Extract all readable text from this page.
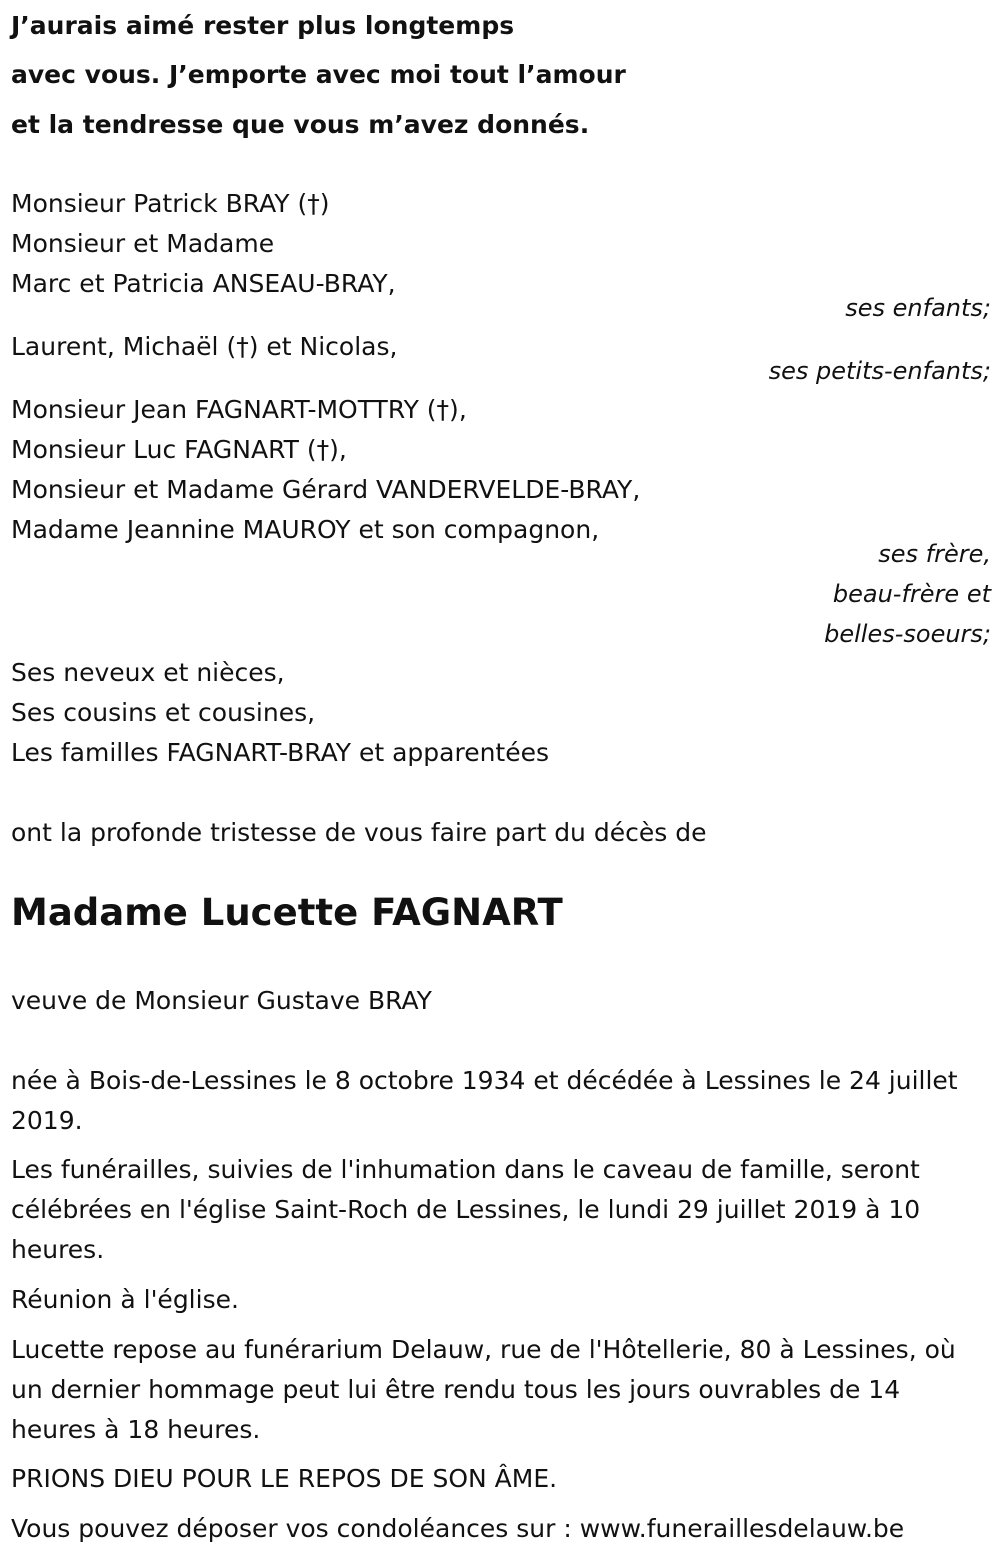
J’aurais aimé rester plus longtemps
avec vous. J’emporte avec moi tout l’amour
et la tendresse que vous m’avez donnés.
Monsieur Patrick BRAY (†)
Monsieur et Madame
Marc et Patricia ANSEAU-BRAY,
ses enfants;
Laurent, Michaël (†) et Nicolas,
ses petits-enfants;
Monsieur Jean FAGNART-MOTTRY (†),
Monsieur Luc FAGNART (†),
Monsieur et Madame Gérard VANDERVELDE-BRAY,
Madame Jeannine MAUROY et son compagnon,
ses frère,
beau-frère et
belles-soeurs;
Ses neveux et nièces,
Ses cousins et cousines,
Les familles FAGNART-BRAY et apparentées
ont la profonde tristesse de vous faire part du décès de
Madame Lucette FAGNART
veuve de Monsieur Gustave BRAY
née à Bois-de-Lessines le 8 octobre 1934 et décédée à Lessines le 24 juillet 2019.
Les funérailles, suivies de l'inhumation dans le caveau de famille, seront célébrées en l'église Saint-Roch de Lessines, le lundi 29 juillet 2019 à 10 heures.
Réunion à l'église.
Lucette repose au funérarium Delauw, rue de l'Hôtellerie, 80 à Lessines, où un dernier hommage peut lui être rendu tous les jours ouvrables de 14 heures à 18 heures.
PRIONS DIEU POUR LE REPOS DE SON ÂME.
Vous pouvez déposer vos condoléances sur : www.funeraillesdelauw.be
